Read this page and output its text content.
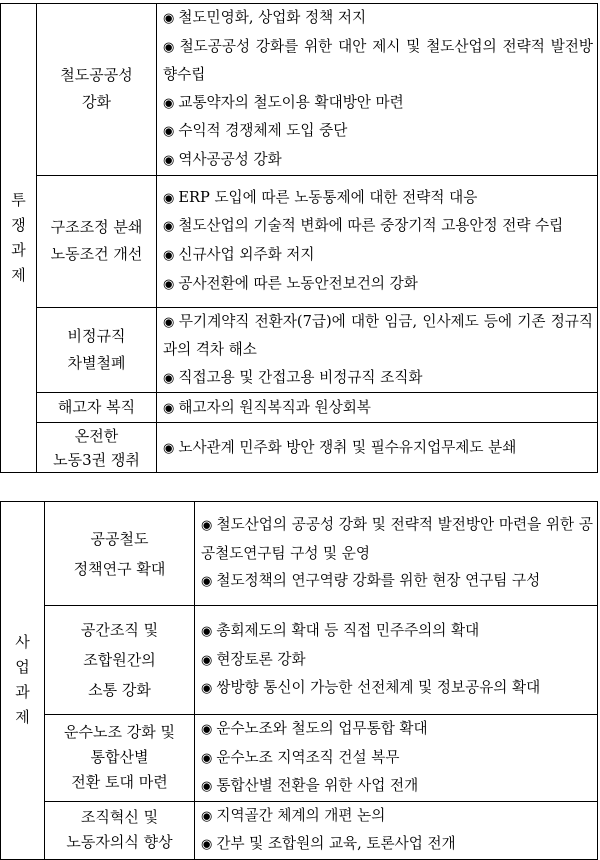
투쟁과제	철도공공성
강화	◉ 철도민영화, 상업화 정책 저지
◉ 철도공공성 강화를 위한 대안 제시 및 철도산업의 전략적 발전방향수립
◉ 교통약자의 철도이용 확대방안 마련
◉ 수익적 경쟁체제 도입 중단
◉ 역사공공성 강화

	구조조정 분쇄
노동조건 개선	◉ ERP 도입에 따른 노동통제에 대한 전략적 대응
◉ 철도산업의 기술적 변화에 따른 중장기적 고용안정 전략 수립
◉ 신규사업 외주화 저지
◉ 공사전환에 따른 노동안전보건의 강화

	비정규직
차별철폐	◉ 무기계약직 전환자(7급)에 대한 임금, 인사제도 등에 기존 정규직과의 격차 해소
◉ 직접고용 및 간접고용 비정규직 조직화

	해고자 복직	◉ 해고자의 원직복직과 원상회복

	온전한
노동3권 쟁취	◉ 노사관계 민주화 방안 쟁취 및 필수유지업무제도 분쇄
사업과제	공공철도
정책연구 확대	◉ 철도산업의 공공성 강화 및 전략적 발전방안 마련을 위한 공공철도연구팀 구성 및 운영
◉ 철도정책의 연구역량 강화를 위한 현장 연구팀 구성

	공간조직 및
조합원간의
소통 강화	◉ 총회제도의 확대 등 직접 민주주의의 확대
◉ 현장토론 강화
◉ 쌍방향 통신이 가능한 선전체계 및 정보공유의 확대

	운수노조 강화 및
통합산별
전환 토대 마련	◉ 운수노조와 철도의 업무통합 확대
◉ 운수노조 지역조직 건설 복무
◉ 통합산별 전환을 위한 사업 전개

	조직혁신 및
노동자의식 향상	◉ 지역골간 체계의 개편 논의
◉ 간부 및 조합원의 교육, 토론사업 전개
